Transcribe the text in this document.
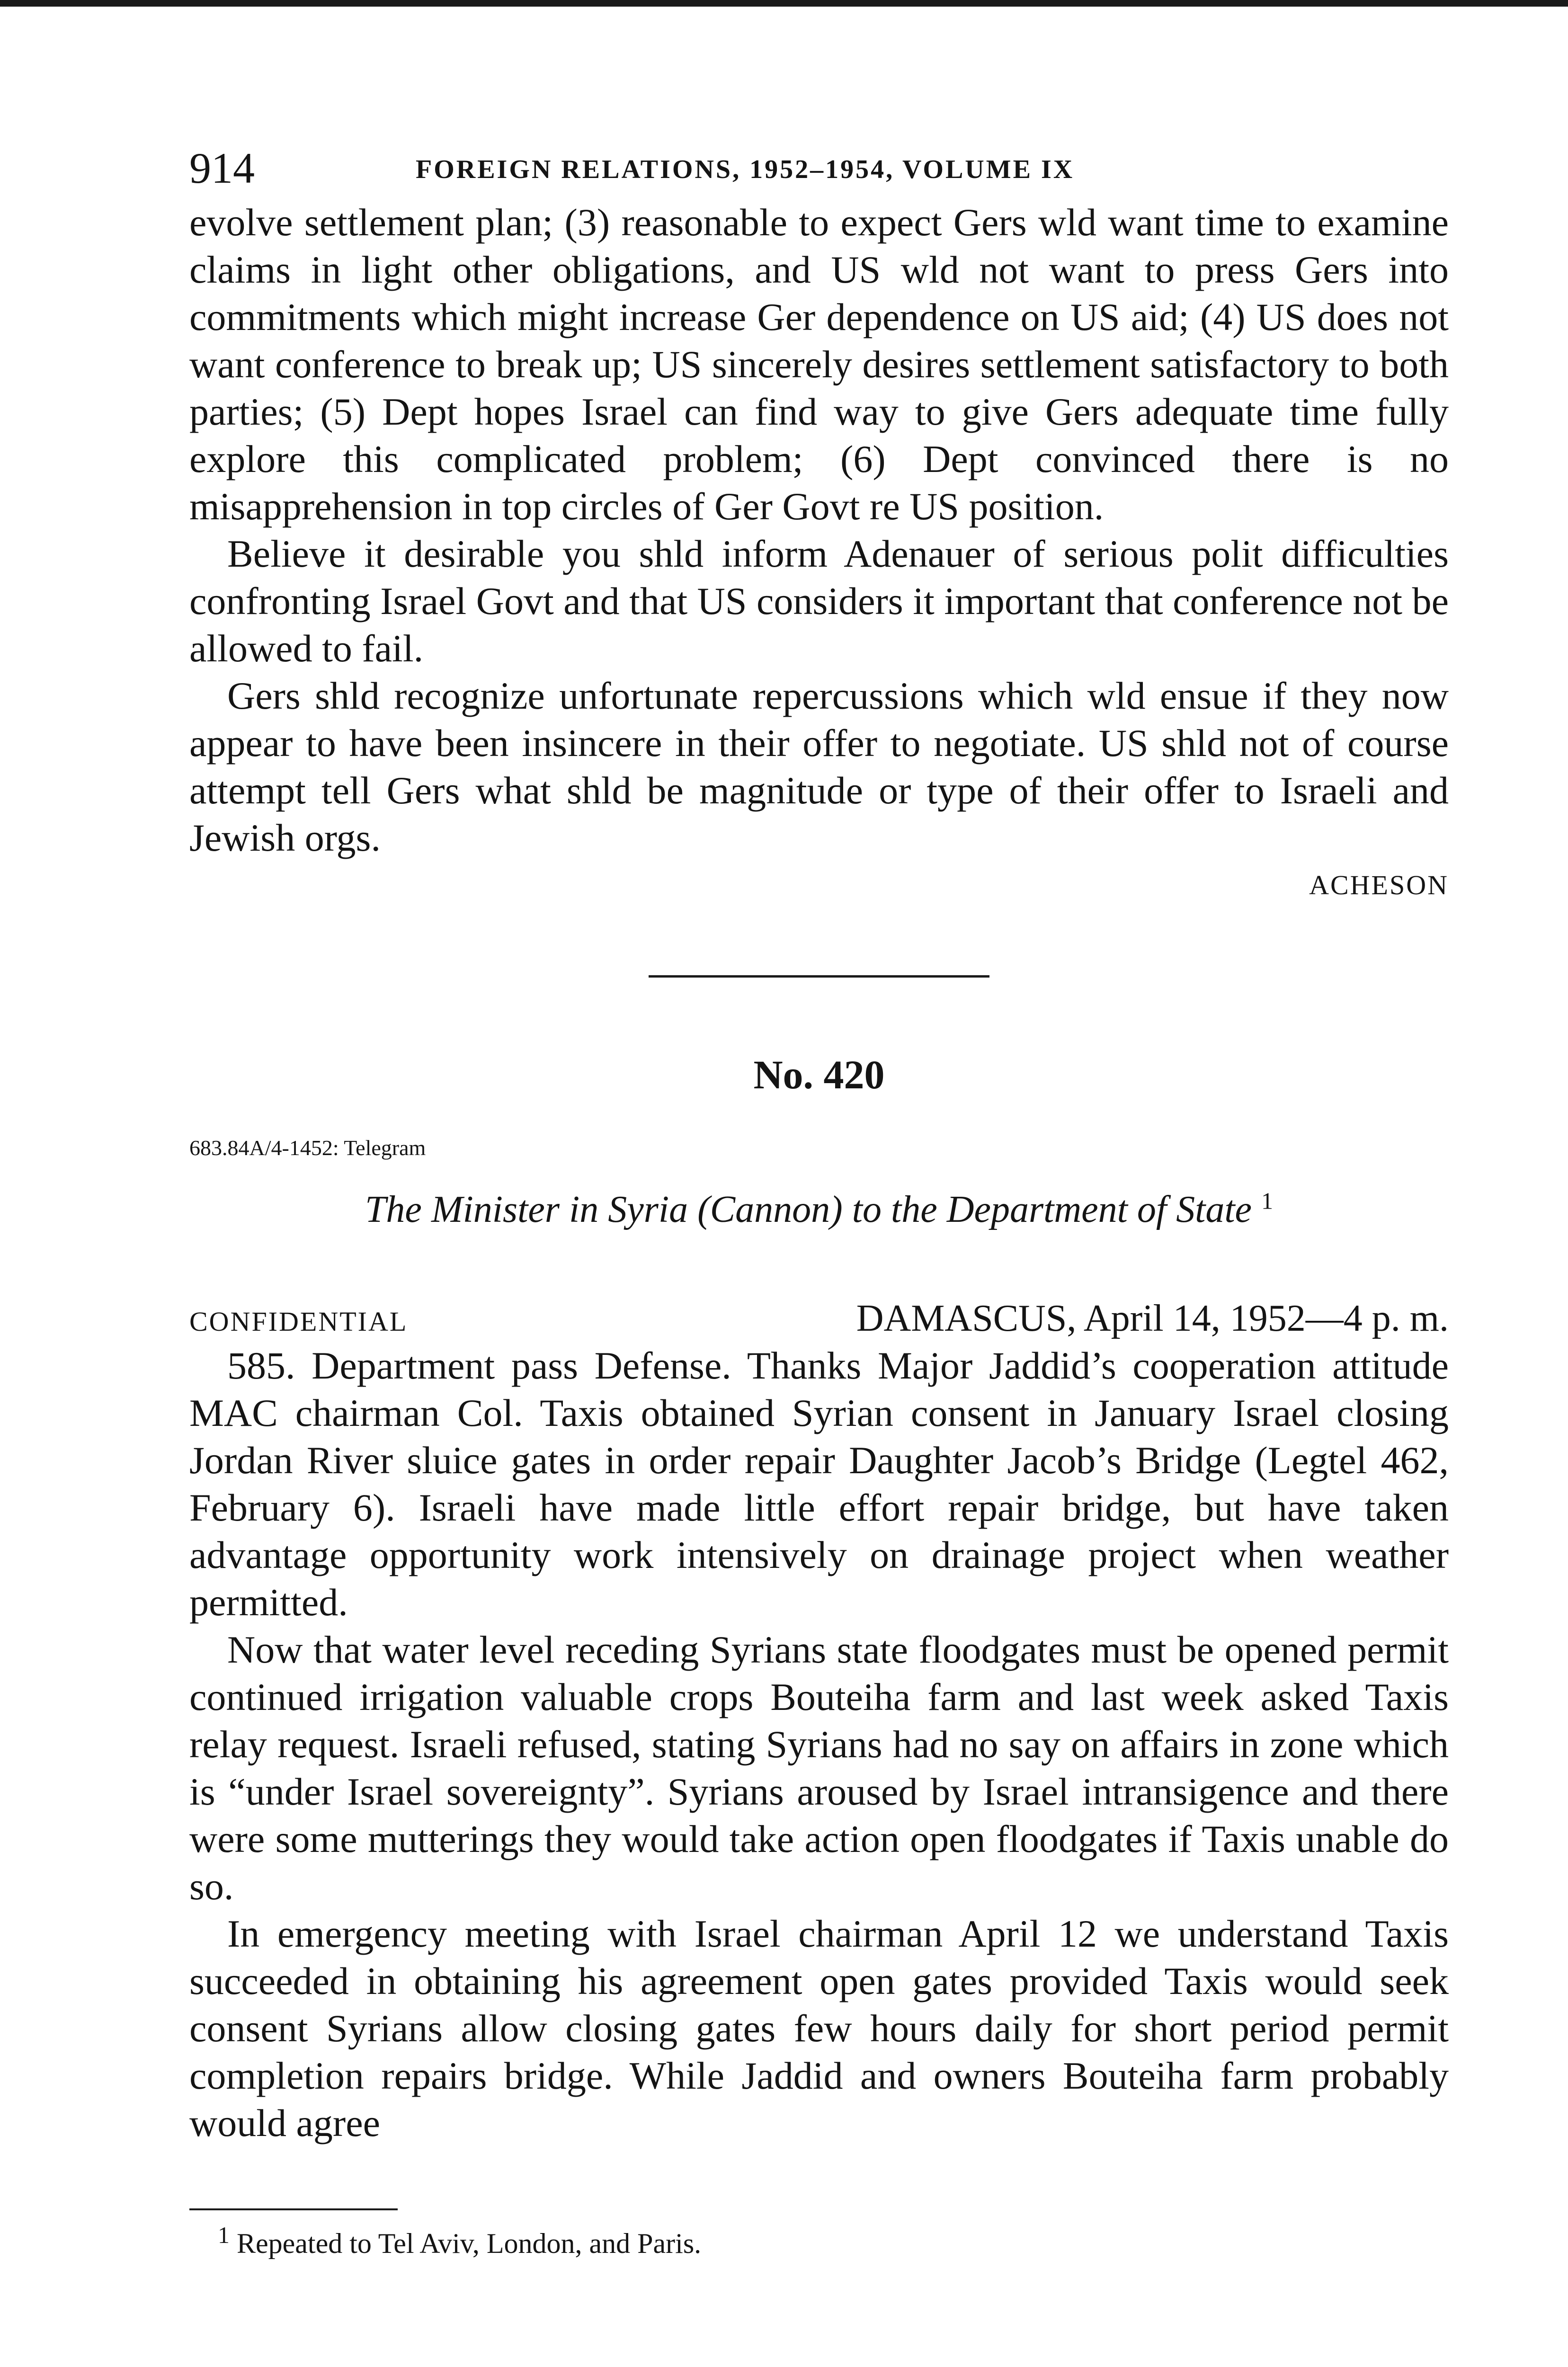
914	FOREIGN RELATIONS, 1952–1954, VOLUME IX

evolve settlement plan; (3) reasonable to expect Gers wld want time to examine claims in light other obligations, and US wld not want to press Gers into commitments which might increase Ger dependence on US aid; (4) US does not want conference to break up; US sincerely desires settlement satisfactory to both parties; (5) Dept hopes Israel can find way to give Gers adequate time fully explore this complicated problem; (6) Dept convinced there is no misapprehension in top circles of Ger Govt re US position.

Believe it desirable you shld inform Adenauer of serious polit difficulties confronting Israel Govt and that US considers it important that conference not be allowed to fail.

Gers shld recognize unfortunate repercussions which wld ensue if they now appear to have been insincere in their offer to negotiate. US shld not of course attempt tell Gers what shld be magnitude or type of their offer to Israeli and Jewish orgs.

ACHESON
No. 420
683.84A/4-1452: Telegram
The Minister in Syria (Cannon) to the Department of State $^1$
CONFIDENTIAL	DAMASCUS, April 14, 1952—4 p. m.

585. Department pass Defense. Thanks Major Jaddid’s cooperation attitude MAC chairman Col. Taxis obtained Syrian consent in January Israel closing Jordan River sluice gates in order repair Daughter Jacob’s Bridge (Legtel 462, February 6). Israeli have made little effort repair bridge, but have taken advantage opportunity work intensively on drainage project when weather permitted.

Now that water level receding Syrians state floodgates must be opened permit continued irrigation valuable crops Bouteiha farm and last week asked Taxis relay request. Israeli refused, stating Syrians had no say on affairs in zone which is “under Israel sovereignty”. Syrians aroused by Israel intransigence and there were some mutterings they would take action open floodgates if Taxis unable do so.

In emergency meeting with Israel chairman April 12 we understand Taxis succeeded in obtaining his agreement open gates provided Taxis would seek consent Syrians allow closing gates few hours daily for short period permit completion repairs bridge. While Jaddid and owners Bouteiha farm probably would agree

$^1$ Repeated to Tel Aviv, London, and Paris.
